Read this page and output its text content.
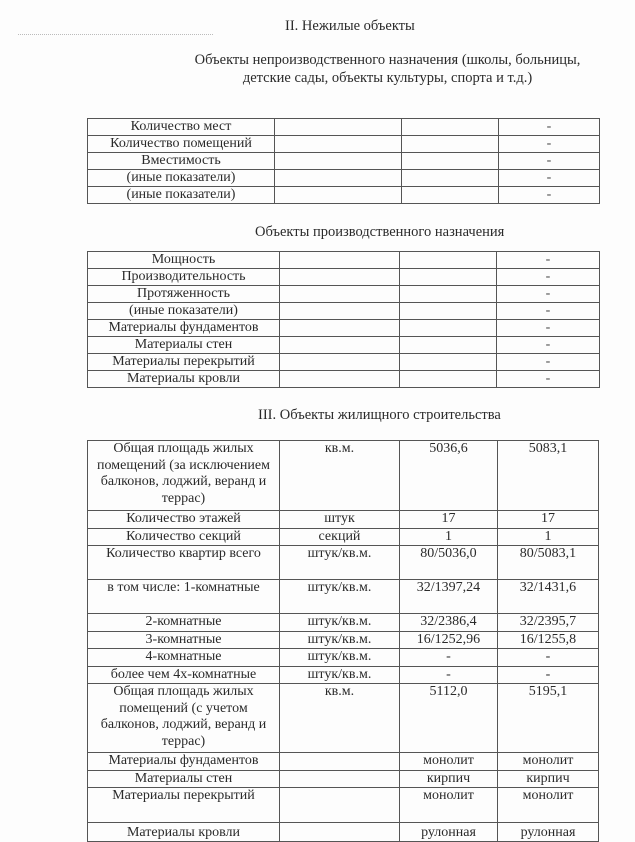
II. Нежилые объекты
Объекты непроизводственного назначения (школы, больницы,
детские сады, объекты культуры, спорта и т.д.)
Количество мест			-
Количество помещений			-
Вместимость			-
(иные показатели)			-
(иные показатели)			-
Объекты производственного назначения
Мощность			-
Производительность			-
Протяженность			-
(иные показатели)			-
Материалы фундаментов			-
Материалы стен			-
Материалы перекрытий			-
Материалы кровли			-
III. Объекты жилищного строительства
Общая площадь жилых помещений (за исключением балконов, лоджий, веранд и террас)	кв.м.	5036,6	5083,1
Количество этажей	штук	17	17
Количество секций	секций	1	1
Количество квартир всего	штук/кв.м.	80/5036,0	80/5083,1
в том числе: 1-комнатные	штук/кв.м.	32/1397,24	32/1431,6
2-комнатные	штук/кв.м.	32/2386,4	32/2395,7
3-комнатные	штук/кв.м.	16/1252,96	16/1255,8
4-комнатные	штук/кв.м.	-	-
более чем 4х-комнатные	штук/кв.м.	-	-
Общая площадь жилых помещений (с учетом балконов, лоджий, веранд и террас)	кв.м.	5112,0	5195,1
Материалы фундаментов		монолит	монолит
Материалы стен		кирпич	кирпич
Материалы перекрытий		монолит	монолит
Материалы кровли		рулонная	рулонная
